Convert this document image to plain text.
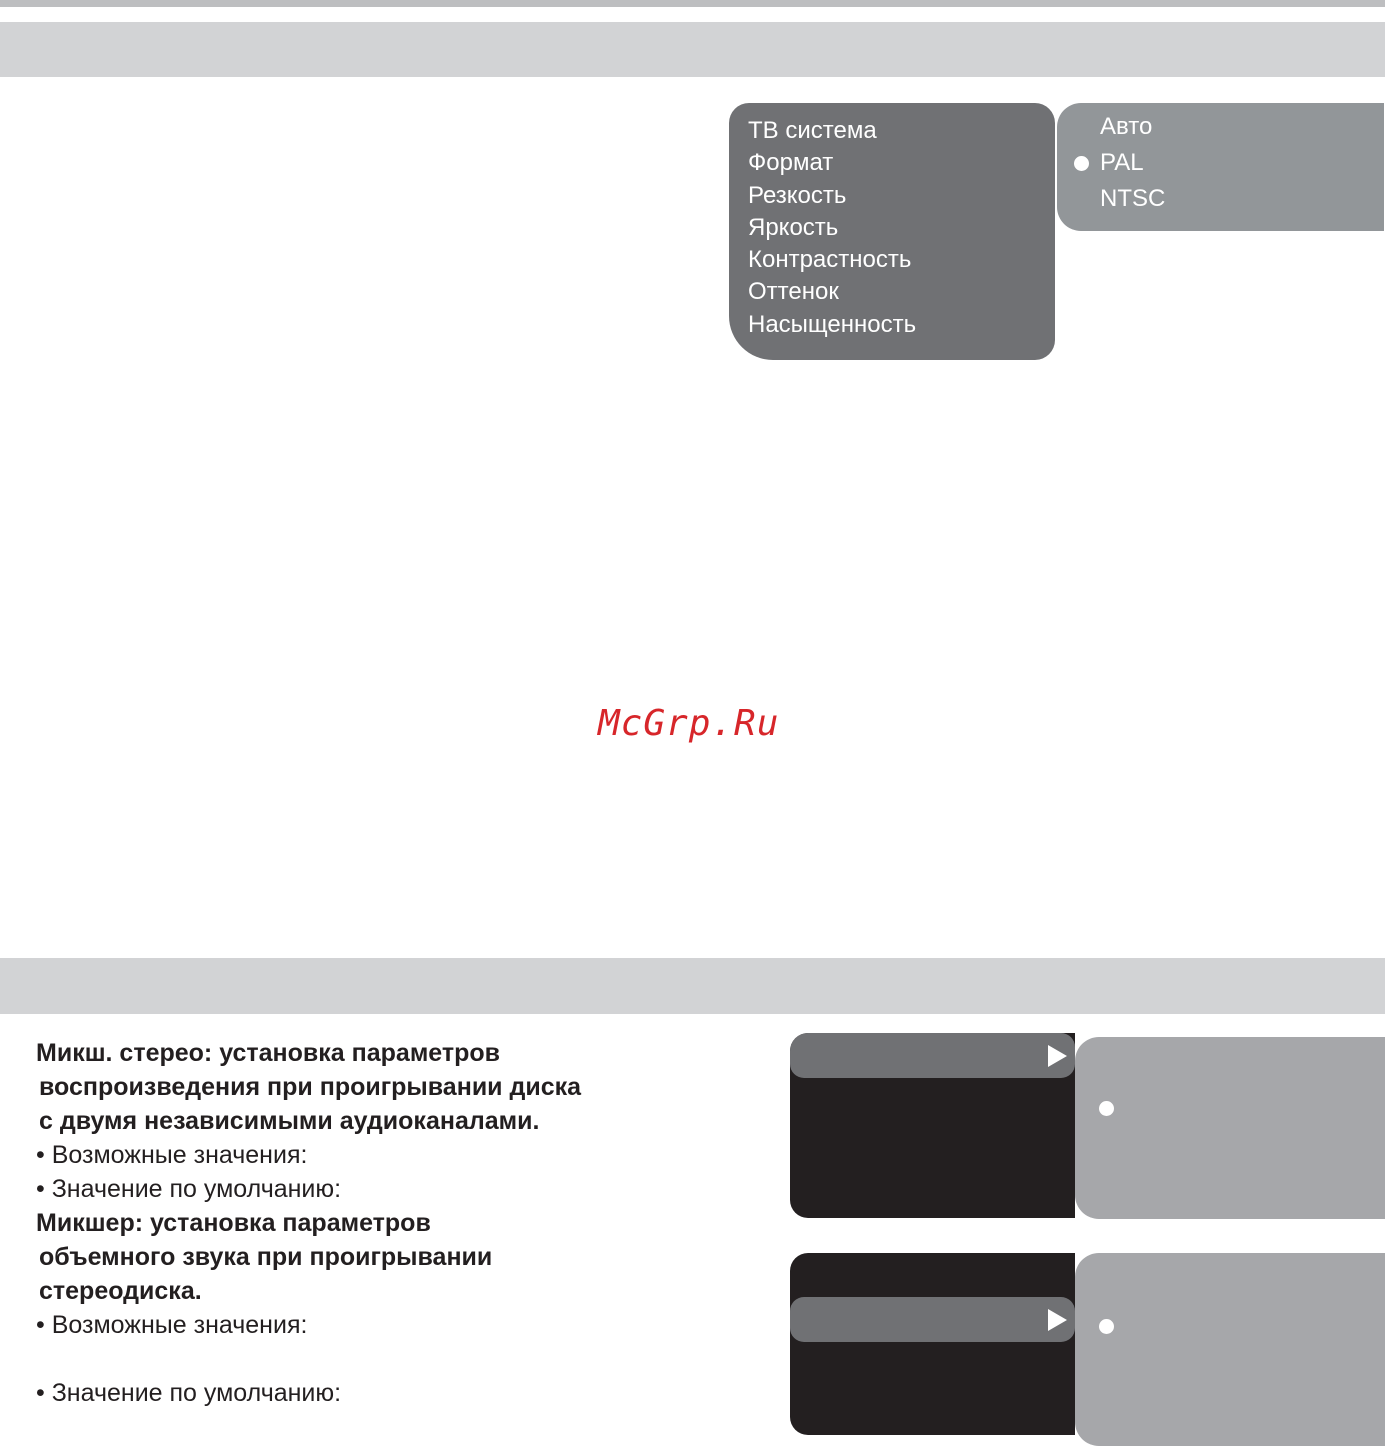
ТВ система
Формат
Резкость
Яркость
Контрастность
Оттенок
Насыщенность
Авто
PAL
NTSC
McGrp.Ru

Микш. стерео: установка параметров

воспроизведения при проигрывании диска

с двумя независимыми аудиоканалами.

• Возможные значения:

• Значение по умолчанию:

Микшер: установка параметров

объемного звука при проигрывании

стереодиска.

• Возможные значения:

• Значение по умолчанию:
